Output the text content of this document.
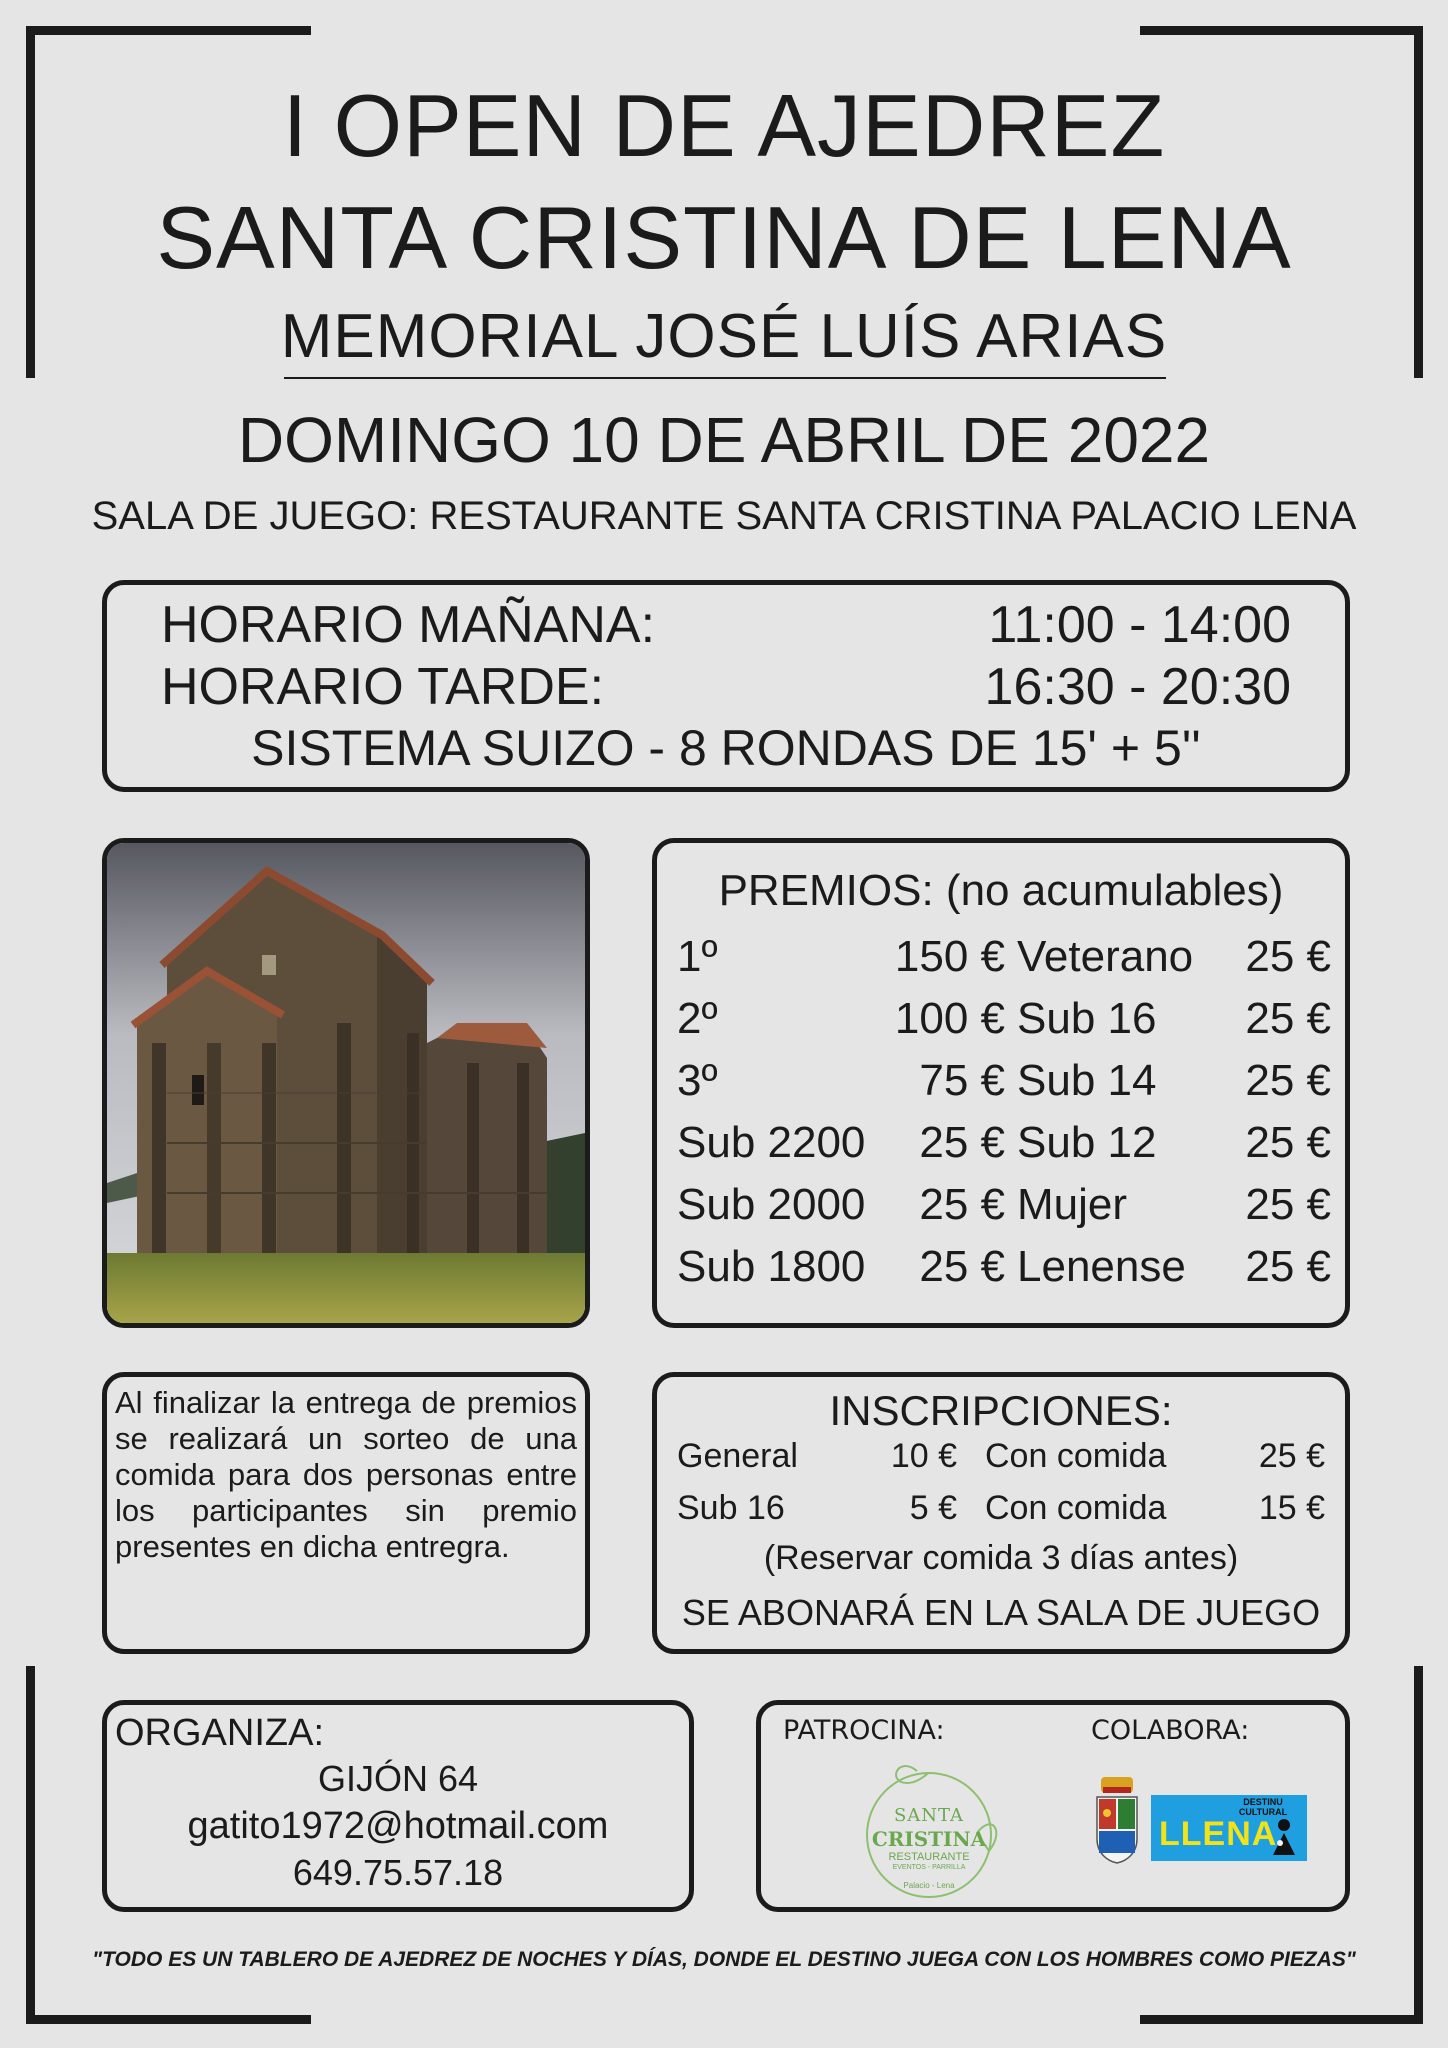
I OPEN DE AJEDREZ
SANTA CRISTINA DE LENA
MEMORIAL JOSÉ LUÍS ARIAS
DOMINGO 10 DE ABRIL DE 2022
SALA DE JUEGO: RESTAURANTE SANTA CRISTINA PALACIO LENA
HORARIO MAÑANA:	11:00 - 14:00
HORARIO TARDE:	16:30 - 20:30
SISTEMA SUIZO - 8 RONDAS DE 15' + 5''
PREMIOS: (no acumulables)
1º	150 € Veterano 25 €
2º	100 € Sub 16 25 €
3º	75 € Sub 14 25 €
Sub 2200 25 € Sub 12 25 €
Sub 2000 25 € Mujer	25 €
Sub 1800 25 € Lenense 25 €
Al finalizar la entrega de premios se realizará un sorteo de una comida para dos personas entre los participantes sin premio presentes en dicha entregra.
INSCRIPCIONES:
General	10 € Con comida	25 €
Sub 16	5 € Con comida	15 €
(Reservar comida 3 días antes)
SE ABONARÁ EN LA SALA DE JUEGO
ORGANIZA:
GIJÓN 64
gatito1972@hotmail.com
649.75.57.18
PATROCINA:	COLABORA:
SANTA
CRISTINA
RESTAURANTE
EVENTOS - PARRILLA
Palacio - Lena
DESTINU CULTURAL
LLENA
"TODO ES UN TABLERO DE AJEDREZ DE NOCHES Y DÍAS, DONDE EL DESTINO JUEGA CON LOS HOMBRES COMO PIEZAS"
